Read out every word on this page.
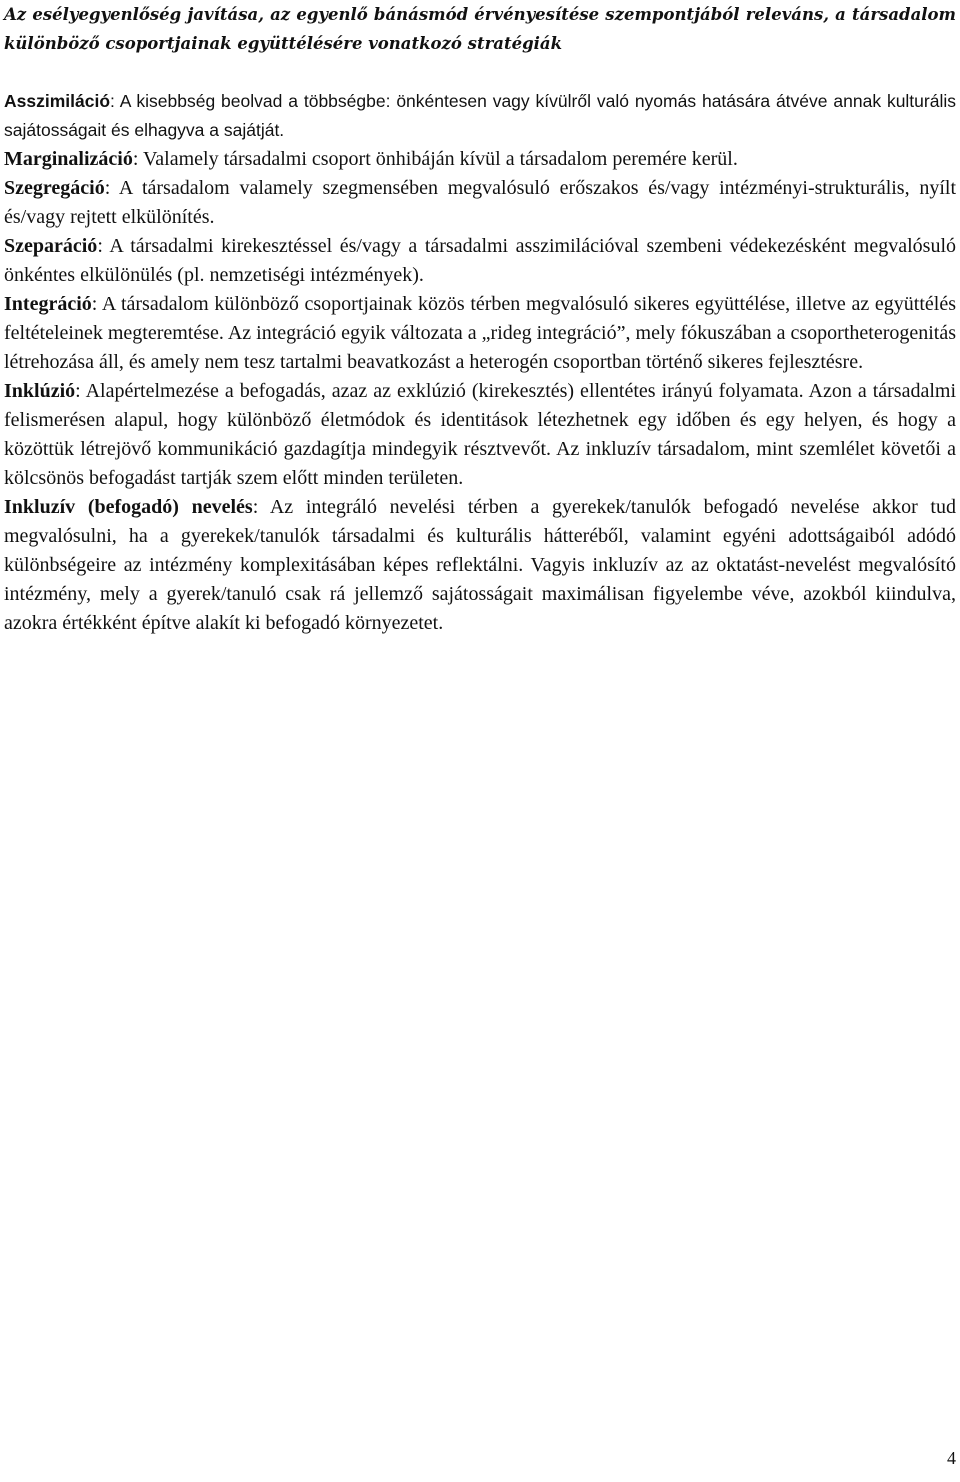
Az esélyegyenlőség javítása, az egyenlő bánásmód érvényesítése szempontjából releváns, a társadalom különböző csoportjainak együttélésére vonatkozó stratégiák

Asszimiláció: A kisebbség beolvad a többségbe: önkéntesen vagy kívülről való nyomás hatására átvéve annak kulturális sajátosságait és elhagyva a sajátját.

Marginalizáció: Valamely társadalmi csoport önhibáján kívül a társadalom peremére kerül.

Szegregáció: A társadalom valamely szegmensében megvalósuló erőszakos és/vagy intézményi-strukturális, nyílt és/vagy rejtett elkülönítés.

Szeparáció: A társadalmi kirekesztéssel és/vagy a társadalmi asszimilációval szembeni védekezésként megvalósuló önkéntes elkülönülés (pl. nemzetiségi intézmények).

Integráció: A társadalom különböző csoportjainak közös térben megvalósuló sikeres együttélése, illetve az együttélés feltételeinek megteremtése. Az integráció egyik változata a „rideg integráció”, mely fókuszában a csoportheterogenitás létrehozása áll, és amely nem tesz tartalmi beavatkozást a heterogén csoportban történő sikeres fejlesztésre.

Inklúzió: Alapértelmezése a befogadás, azaz az exklúzió (kirekesztés) ellentétes irányú folyamata. Azon a társadalmi felismerésen alapul, hogy különböző életmódok és identitások létezhetnek egy időben és egy helyen, és hogy a közöttük létrejövő kommunikáció gazdagítja mindegyik résztvevőt. Az inkluzív társadalom, mint szemlélet követői a kölcsönös befogadást tartják szem előtt minden területen.

Inkluzív (befogadó) nevelés: Az integráló nevelési térben a gyerekek/tanulók befogadó nevelése akkor tud megvalósulni, ha a gyerekek/tanulók társadalmi és kulturális hátteréből, valamint egyéni adottságaiból adódó különbségeire az intézmény komplexitásában képes reflektálni. Vagyis inkluzív az az oktatást-nevelést megvalósító intézmény, mely a gyerek/tanuló csak rá jellemző sajátosságait maximálisan figyelembe véve, azokból kiindulva, azokra értékként építve alakít ki befogadó környezetet.

4
